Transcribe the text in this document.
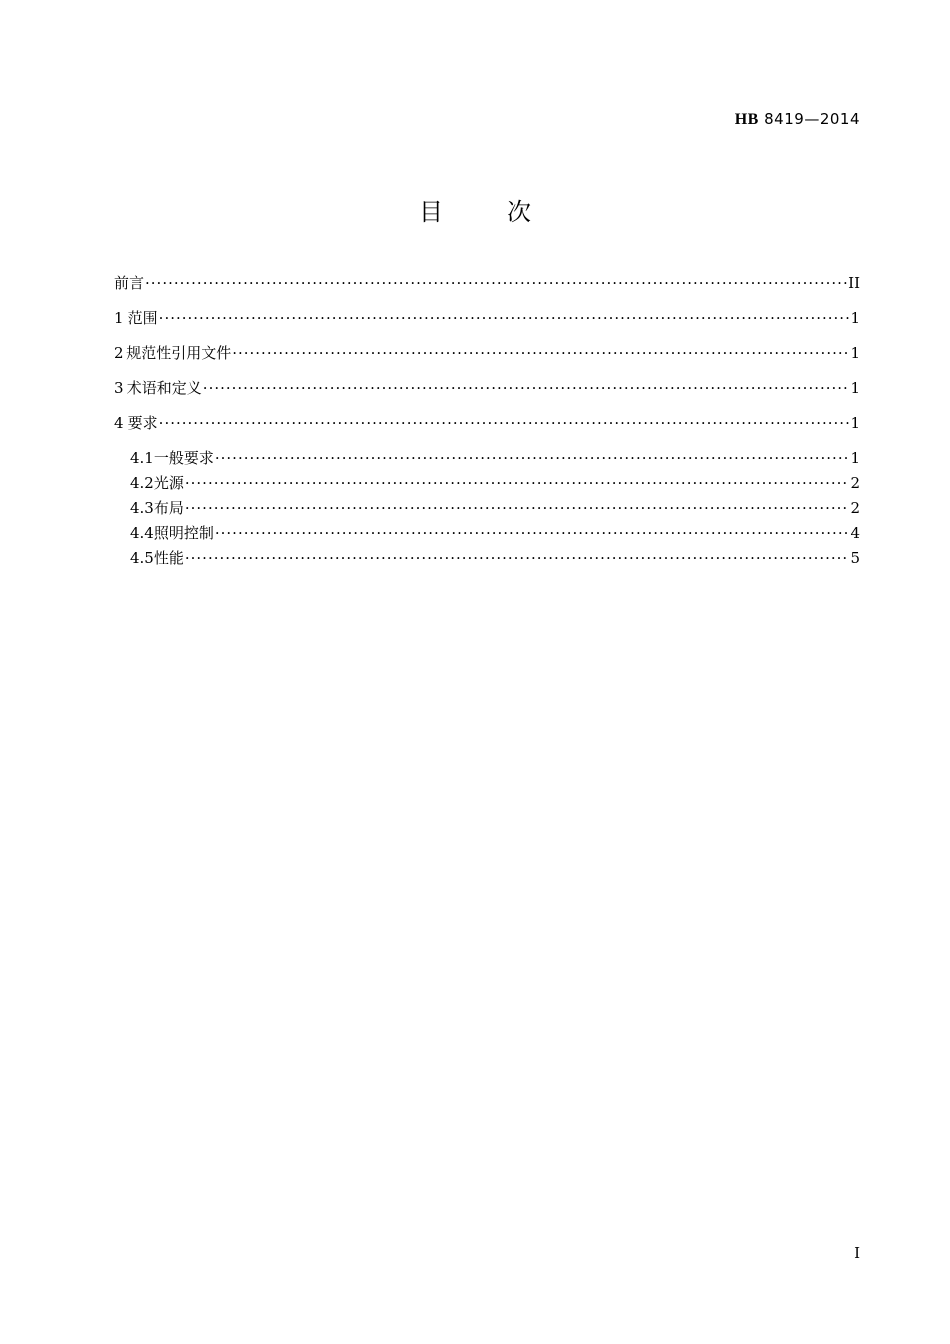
HB 8419—2014
目	次
前言 ·····	II
1 范围 ·····	1
2 规范性引用文件 ·····	1
3 术语和定义 ·····	1
4 要求 ·····	1
4.1 一般要求 ·····	1
4.2 光源 ·····	2
4.3 布局 ·····	2
4.4 照明控制 ·····	4
4.5 性能 ·····	5
I
